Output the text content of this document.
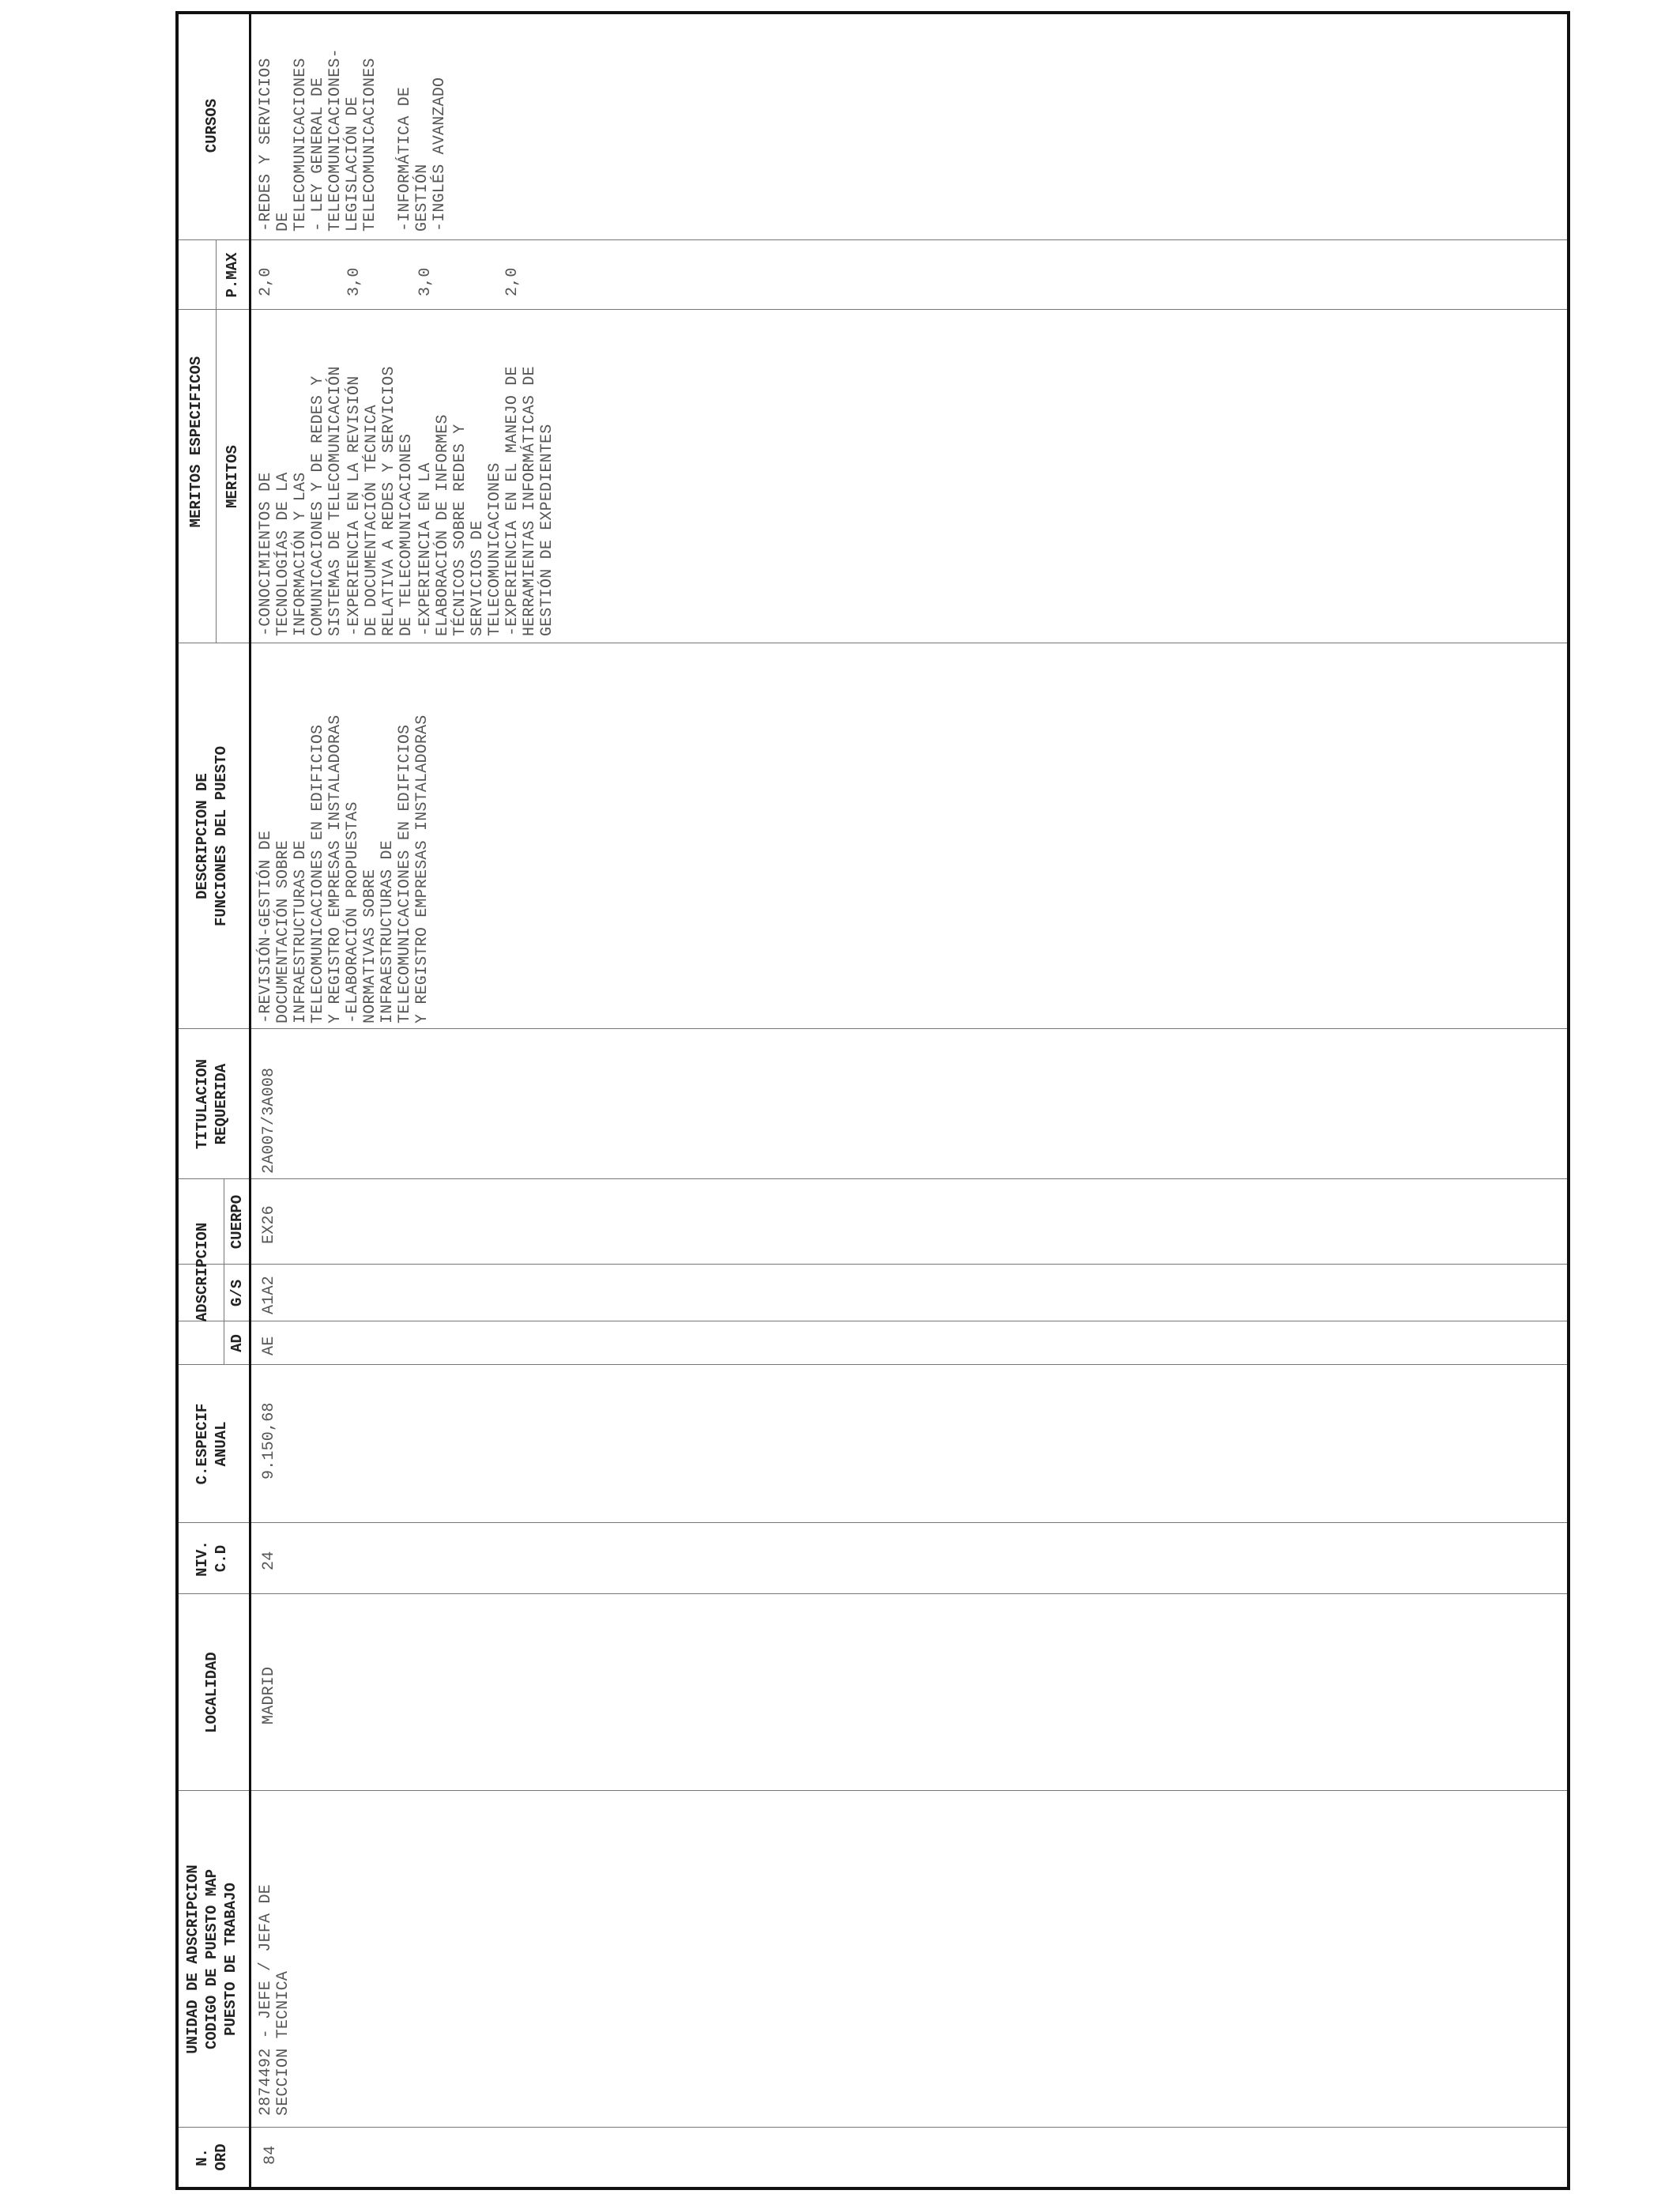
N.
ORD
UNIDAD DE ADSCRIPCION
CODIGO DE PUESTO MAP
PUESTO DE TRABAJO
LOCALIDAD
NIV.
C.D
C.ESPECIF
ANUAL
ADSCRIPCION
AD
G/S
CUERPO
TITULACION
REQUERIDA
DESCRIPCION DE
FUNCIONES DEL PUESTO
MERITOS ESPECIFICOS MERITOS
P.MAX
CURSOS
84
2874492 - JEFE / JEFA DE
SECCION TECNICA
MADRID
24
9.150,68
AE
A1A2
EX26
2A007/3A008
-REVISIÓN-GESTIÓN DE
DOCUMENTACIÓN SOBRE
INFRAESTRUCTURAS DE
TELECOMUNICACIONES EN EDIFICIOS
Y REGISTRO EMPRESAS INSTALADORAS
-ELABORACIÓN PROPUESTAS
NORMATIVAS SOBRE
INFRAESTRUCTURAS DE
TELECOMUNICACIONES EN EDIFICIOS
Y REGISTRO EMPRESAS INSTALADORAS
-CONOCIMIENTOS DE
TECNOLOGÍAS DE LA
INFORMACIÓN Y LAS
COMUNICACIONES Y DE REDES Y
SISTEMAS DE TELECOMUNICACIÓN
2,0
-EXPERIENCIA EN LA REVISIÓN
DE DOCUMENTACIÓN TÉCNICA
RELATIVA A REDES Y SERVICIOS
DE TELECOMUNICACIONES
3,0
-EXPERIENCIA EN LA
ELABORACIÓN DE INFORMES
TÉCNICOS SOBRE REDES Y
SERVICIOS DE
TELECOMUNICACIONES
3,0
-EXPERIENCIA EN EL MANEJO DE
HERRAMIENTAS INFORMÁTICAS DE
GESTIÓN DE EXPEDIENTES
2,0
-REDES Y SERVICIOS
DE
TELECOMUNICACIONES
- LEY GENERAL DE
TELECOMUNICACIONES-
LEGISLACIÓN DE
TELECOMUNICACIONES

-INFORMÁTICA DE
GESTIÓN
-INGLÉS AVANZADO
